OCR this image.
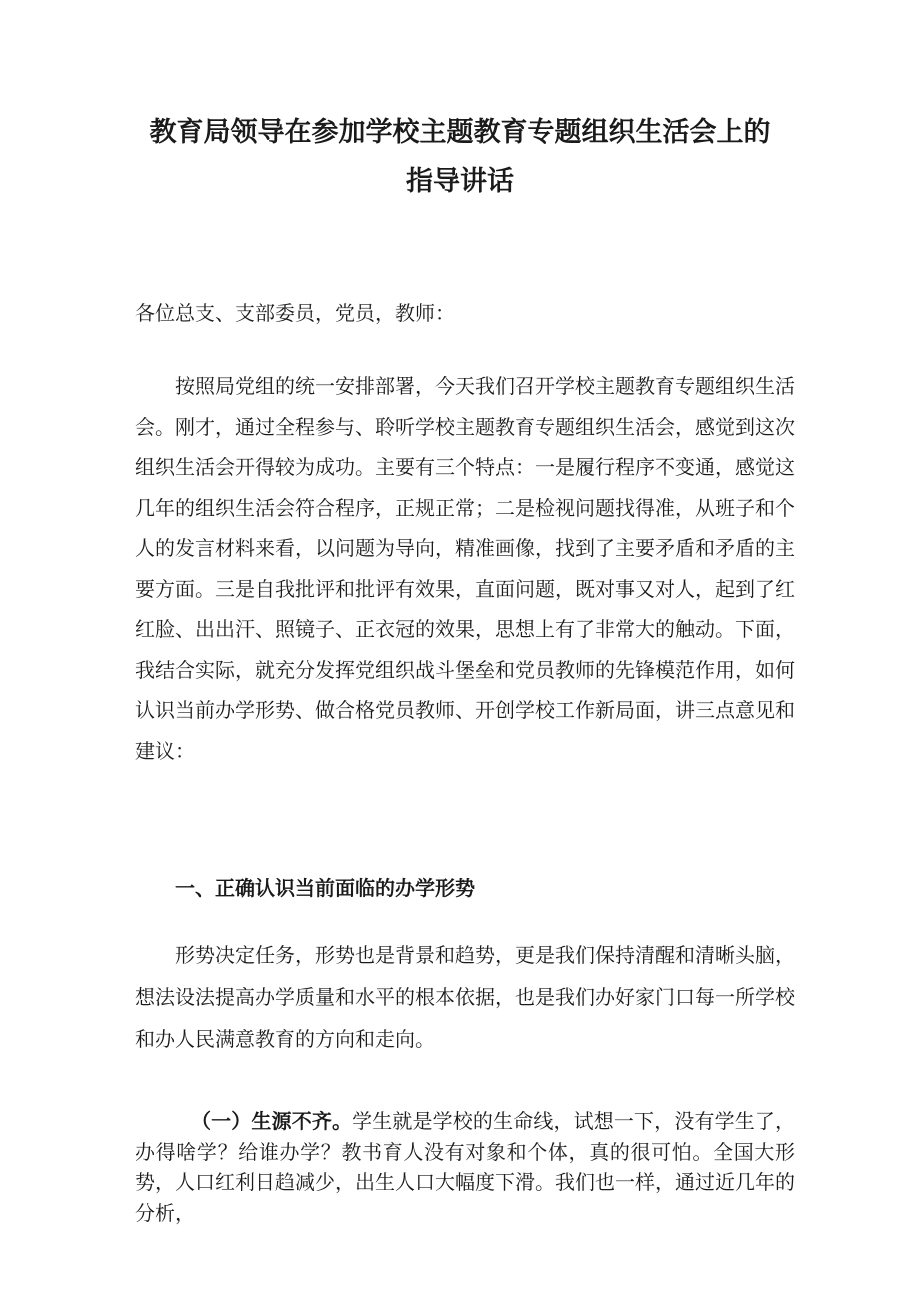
教育局领导在参加学校主题教育专题组织生活会上的
指导讲话
各位总支、支部委员，党员，教师：
按照局党组的统一安排部署，今天我们召开学校主题教育专题组织生活会。刚才，通过全程参与、聆听学校主题教育专题组织生活会，感觉到这次组织生活会开得较为成功。主要有三个特点：一是履行程序不变通，感觉这几年的组织生活会符合程序，正规正常；二是检视问题找得准，从班子和个人的发言材料来看，以问题为导向，精准画像，找到了主要矛盾和矛盾的主要方面。三是自我批评和批评有效果，直面问题，既对事又对人，起到了红红脸、出出汗、照镜子、正衣冠的效果，思想上有了非常大的触动。下面，我结合实际，就充分发挥党组织战斗堡垒和党员教师的先锋模范作用，如何认识当前办学形势、做合格党员教师、开创学校工作新局面，讲三点意见和建议：
一、正确认识当前面临的办学形势
形势决定任务，形势也是背景和趋势，更是我们保持清醒和清晰头脑，想法设法提高办学质量和水平的根本依据，也是我们办好家门口每一所学校和办人民满意教育的方向和走向。
（一）生源不齐。学生就是学校的生命线，试想一下，没有学生了，办得啥学？给谁办学？教书育人没有对象和个体，真的很可怕。全国大形势，人口红利日趋减少，出生人口大幅度下滑。我们也一样，通过近几年的分析，
